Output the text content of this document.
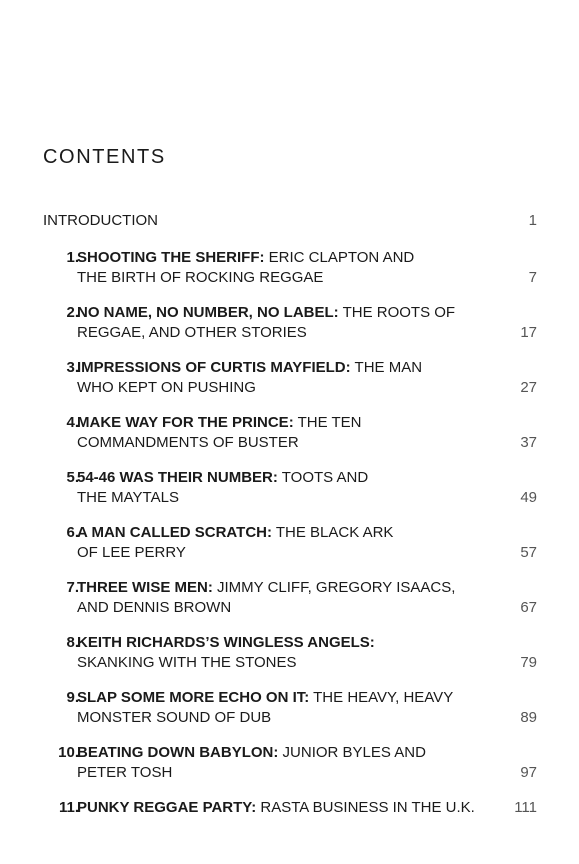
CONTENTS
INTRODUCTION	1
1.
SHOOTING THE SHERIFF: ERIC CLAPTON AND
THE BIRTH OF ROCKING REGGAE	7
2.
NO NAME, NO NUMBER, NO LABEL: THE ROOTS OF
REGGAE, AND OTHER STORIES	17
3.
IMPRESSIONS OF CURTIS MAYFIELD: THE MAN
WHO KEPT ON PUSHING	27
4.
MAKE WAY FOR THE PRINCE: THE TEN
COMMANDMENTS OF BUSTER	37
5.
54-46 WAS THEIR NUMBER: TOOTS AND
THE MAYTALS	49
6.
A MAN CALLED SCRATCH: THE BLACK ARK
OF LEE PERRY	57
7.
THREE WISE MEN: JIMMY CLIFF, GREGORY ISAACS,
AND DENNIS BROWN	67
8.
KEITH RICHARDS’S WINGLESS ANGELS:
SKANKING WITH THE STONES	79
9.
SLAP SOME MORE ECHO ON IT: THE HEAVY, HEAVY
MONSTER SOUND OF DUB	89
10.
BEATING DOWN BABYLON: JUNIOR BYLES AND
PETER TOSH	97
11.
PUNKY REGGAE PARTY: RASTA BUSINESS IN THE U.K.	111
